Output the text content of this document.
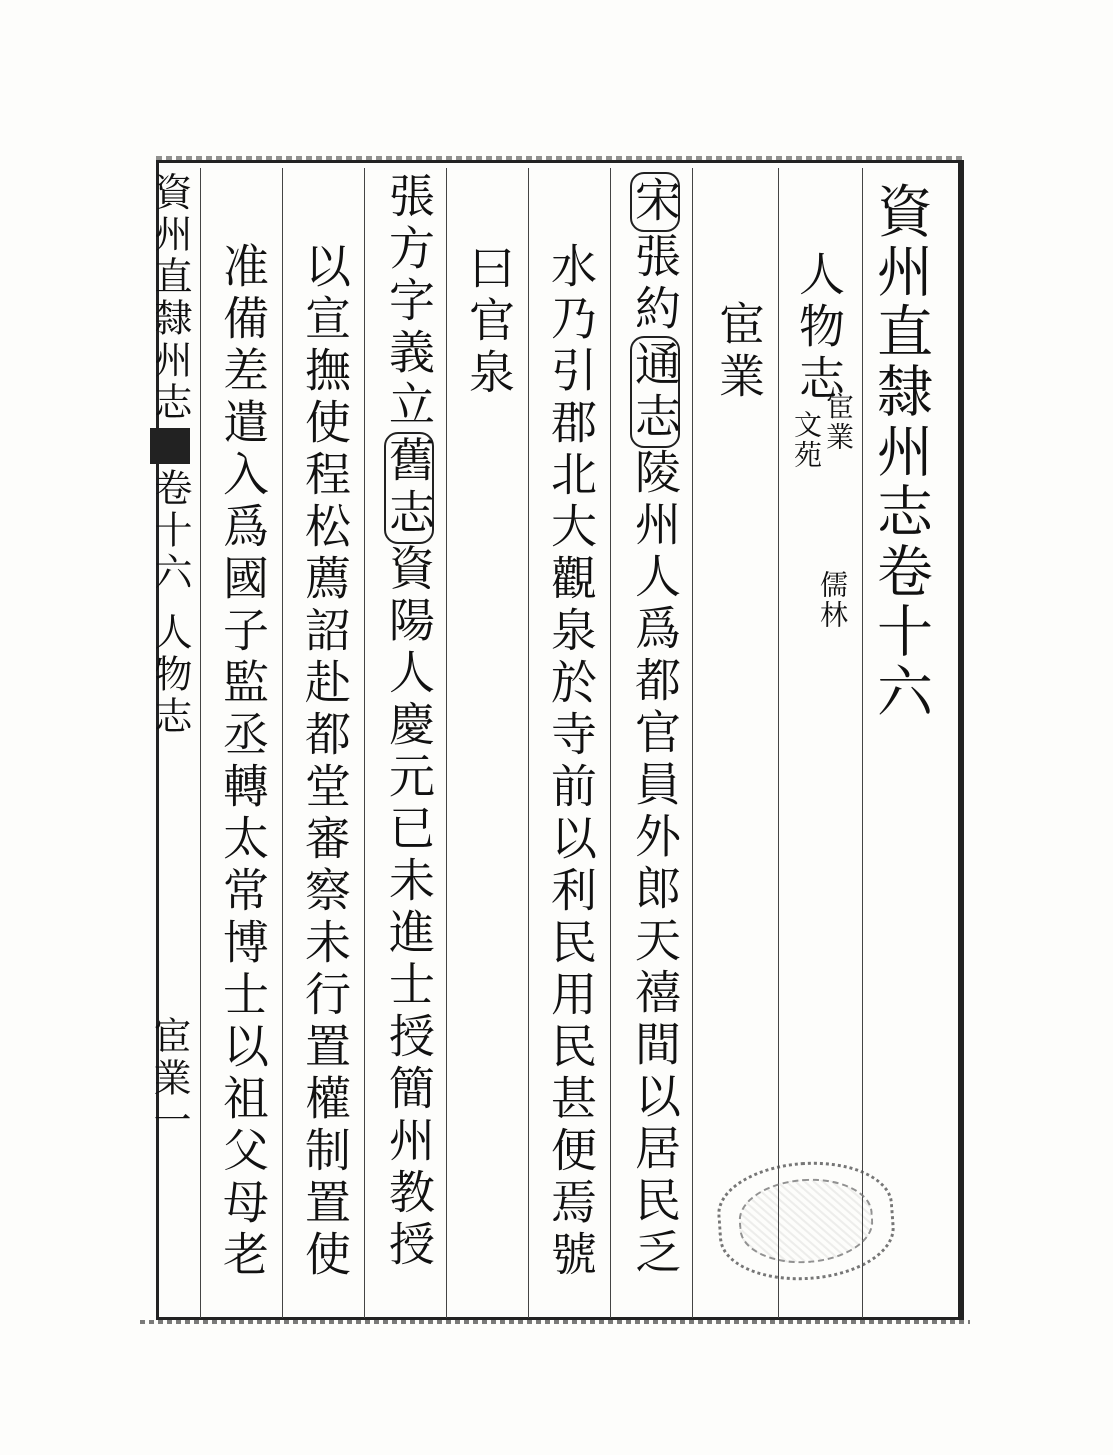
資州直隸州志卷十六
人物志
宦業
文苑
儒林
宦業
宋張約通志陵州人爲都官員外郎天禧間以居民乏
水乃引郡北大觀泉於寺前以利民用民甚便焉號
曰官泉
張方字義立舊志資陽人慶元已未進士授簡州教授
以宣撫使程松薦詔赴都堂審察未行置權制置使
准備差遣入爲國子監丞轉太常博士以祖父母老
資州直隸州志卷十六人物志
宦業一
